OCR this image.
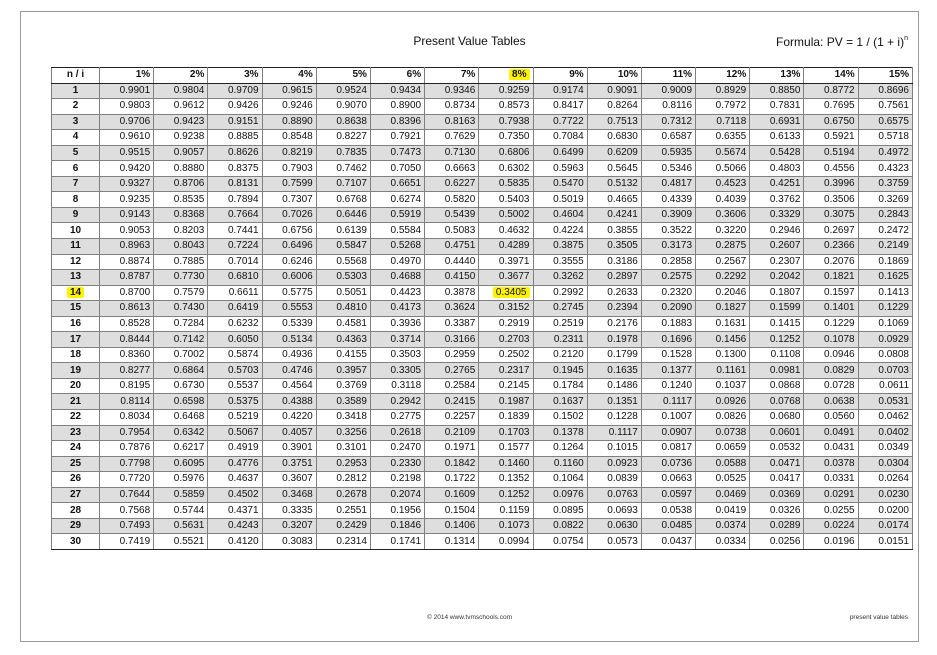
Present Value Tables	Formula: PV = $1 / (1 + i)^n$
n / i	1%	2%	3%	4%	5%	6%	7%	8%	9%	10%	11%	12%	13%	14%	15%
1	0.9901	0.9804	0.9709	0.9615	0.9524	0.9434	0.9346	0.9259	0.9174	0.9091	0.9009	0.8929	0.8850	0.8772	0.8696
2	0.9803	0.9612	0.9426	0.9246	0.9070	0.8900	0.8734	0.8573	0.8417	0.8264	0.8116	0.7972	0.7831	0.7695	0.7561
3	0.9706	0.9423	0.9151	0.8890	0.8638	0.8396	0.8163	0.7938	0.7722	0.7513	0.7312	0.7118	0.6931	0.6750	0.6575
4	0.9610	0.9238	0.8885	0.8548	0.8227	0.7921	0.7629	0.7350	0.7084	0.6830	0.6587	0.6355	0.6133	0.5921	0.5718
5	0.9515	0.9057	0.8626	0.8219	0.7835	0.7473	0.7130	0.6806	0.6499	0.6209	0.5935	0.5674	0.5428	0.5194	0.4972
6	0.9420	0.8880	0.8375	0.7903	0.7462	0.7050	0.6663	0.6302	0.5963	0.5645	0.5346	0.5066	0.4803	0.4556	0.4323
7	0.9327	0.8706	0.8131	0.7599	0.7107	0.6651	0.6227	0.5835	0.5470	0.5132	0.4817	0.4523	0.4251	0.3996	0.3759
8	0.9235	0.8535	0.7894	0.7307	0.6768	0.6274	0.5820	0.5403	0.5019	0.4665	0.4339	0.4039	0.3762	0.3506	0.3269
9	0.9143	0.8368	0.7664	0.7026	0.6446	0.5919	0.5439	0.5002	0.4604	0.4241	0.3909	0.3606	0.3329	0.3075	0.2843
10	0.9053	0.8203	0.7441	0.6756	0.6139	0.5584	0.5083	0.4632	0.4224	0.3855	0.3522	0.3220	0.2946	0.2697	0.2472
11	0.8963	0.8043	0.7224	0.6496	0.5847	0.5268	0.4751	0.4289	0.3875	0.3505	0.3173	0.2875	0.2607	0.2366	0.2149
12	0.8874	0.7885	0.7014	0.6246	0.5568	0.4970	0.4440	0.3971	0.3555	0.3186	0.2858	0.2567	0.2307	0.2076	0.1869
13	0.8787	0.7730	0.6810	0.6006	0.5303	0.4688	0.4150	0.3677	0.3262	0.2897	0.2575	0.2292	0.2042	0.1821	0.1625
14	0.8700	0.7579	0.6611	0.5775	0.5051	0.4423	0.3878	0.3405	0.2992	0.2633	0.2320	0.2046	0.1807	0.1597	0.1413
15	0.8613	0.7430	0.6419	0.5553	0.4810	0.4173	0.3624	0.3152	0.2745	0.2394	0.2090	0.1827	0.1599	0.1401	0.1229
16	0.8528	0.7284	0.6232	0.5339	0.4581	0.3936	0.3387	0.2919	0.2519	0.2176	0.1883	0.1631	0.1415	0.1229	0.1069
17	0.8444	0.7142	0.6050	0.5134	0.4363	0.3714	0.3166	0.2703	0.2311	0.1978	0.1696	0.1456	0.1252	0.1078	0.0929
18	0.8360	0.7002	0.5874	0.4936	0.4155	0.3503	0.2959	0.2502	0.2120	0.1799	0.1528	0.1300	0.1108	0.0946	0.0808
19	0.8277	0.6864	0.5703	0.4746	0.3957	0.3305	0.2765	0.2317	0.1945	0.1635	0.1377	0.1161	0.0981	0.0829	0.0703
20	0.8195	0.6730	0.5537	0.4564	0.3769	0.3118	0.2584	0.2145	0.1784	0.1486	0.1240	0.1037	0.0868	0.0728	0.0611
21	0.8114	0.6598	0.5375	0.4388	0.3589	0.2942	0.2415	0.1987	0.1637	0.1351	0.1117	0.0926	0.0768	0.0638	0.0531
22	0.8034	0.6468	0.5219	0.4220	0.3418	0.2775	0.2257	0.1839	0.1502	0.1228	0.1007	0.0826	0.0680	0.0560	0.0462
23	0.7954	0.6342	0.5067	0.4057	0.3256	0.2618	0.2109	0.1703	0.1378	0.1117	0.0907	0.0738	0.0601	0.0491	0.0402
24	0.7876	0.6217	0.4919	0.3901	0.3101	0.2470	0.1971	0.1577	0.1264	0.1015	0.0817	0.0659	0.0532	0.0431	0.0349
25	0.7798	0.6095	0.4776	0.3751	0.2953	0.2330	0.1842	0.1460	0.1160	0.0923	0.0736	0.0588	0.0471	0.0378	0.0304
26	0.7720	0.5976	0.4637	0.3607	0.2812	0.2198	0.1722	0.1352	0.1064	0.0839	0.0663	0.0525	0.0417	0.0331	0.0264
27	0.7644	0.5859	0.4502	0.3468	0.2678	0.2074	0.1609	0.1252	0.0976	0.0763	0.0597	0.0469	0.0369	0.0291	0.0230
28	0.7568	0.5744	0.4371	0.3335	0.2551	0.1956	0.1504	0.1159	0.0895	0.0693	0.0538	0.0419	0.0326	0.0255	0.0200
29	0.7493	0.5631	0.4243	0.3207	0.2429	0.1846	0.1406	0.1073	0.0822	0.0630	0.0485	0.0374	0.0289	0.0224	0.0174
30	0.7419	0.5521	0.4120	0.3083	0.2314	0.1741	0.1314	0.0994	0.0754	0.0573	0.0437	0.0334	0.0256	0.0196	0.0151
© 2014 www.tvmschools.com	present value tables
